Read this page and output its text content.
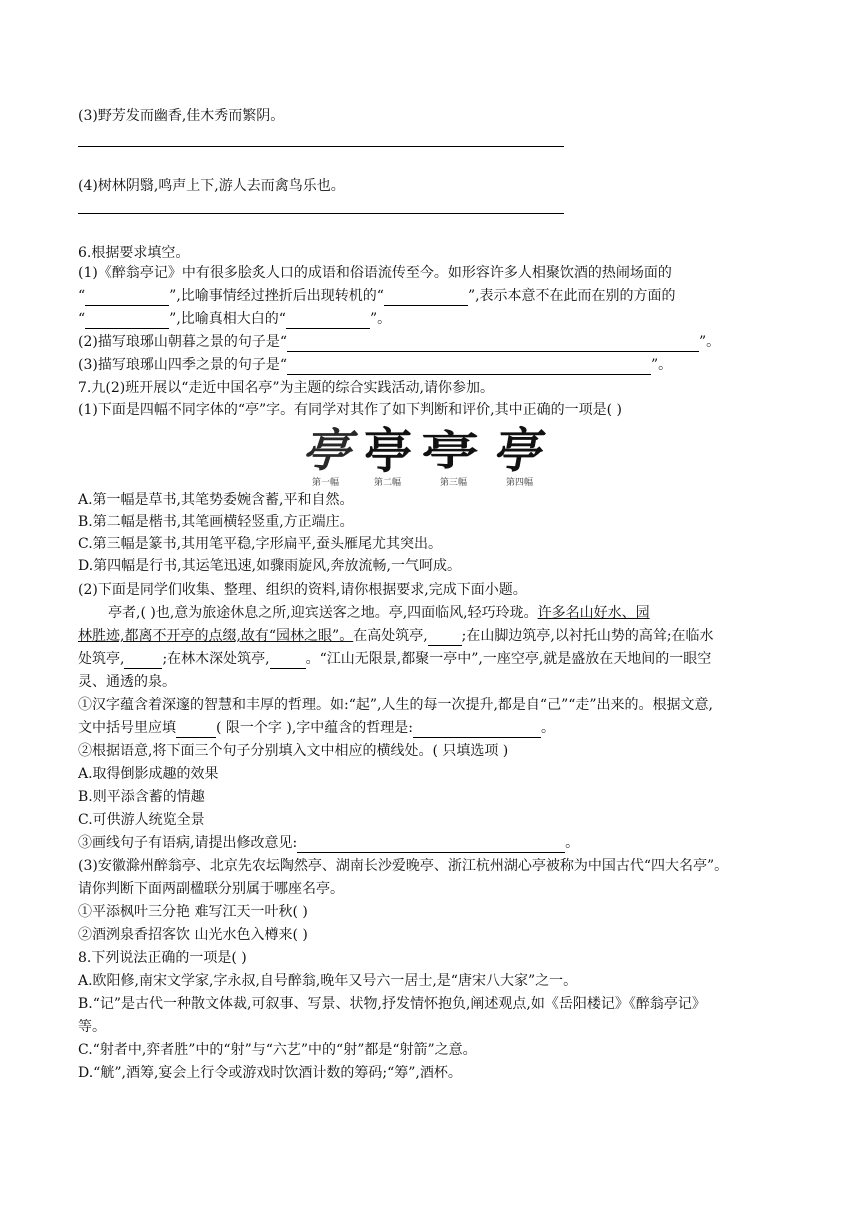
(3)野芳发而幽香,佳木秀而繁阴。
(4)树林阴翳,鸣声上下,游人去而禽鸟乐也。
6.根据要求填空。
(1)《醉翁亭记》中有很多脍炙人口的成语和俗语流传至今。如形容许多人相聚饮酒的热闹场面的
“	”,比喻事情经过挫折后出现转机的“	”,表示本意不在此而在别的方面的
“	”,比喻真相大白的“	”。
(2)描写琅琊山朝暮之景的句子是“	”。
(3)描写琅琊山四季之景的句子是“	”。
7.九(2)班开展以“走近中国名亭”为主题的综合实践活动,请你参加。
(1)下面是四幅不同字体的“亭”字。有同学对其作了如下判断和评价,其中正确的一项是( )
亭 亭 亭 亭
第一幅	第二幅	第三幅	第四幅
A.第一幅是草书,其笔势委婉含蓄,平和自然。
B.第二幅是楷书,其笔画横轻竖重,方正端庄。
C.第三幅是篆书,其用笔平稳,字形扁平,蚕头雁尾尤其突出。
D.第四幅是行书,其运笔迅速,如骤雨旋风,奔放流畅,一气呵成。
(2)下面是同学们收集、整理、组织的资料,请你根据要求,完成下面小题。
亭者,( )也,意为旅途休息之所,迎宾送客之地。亭,四面临风,轻巧玲珑。许多名山好水、园
林胜迹,都离不开亭的点缀,故有“园林之眼”。在高处筑亭, ;在山脚边筑亭,以衬托山势的高耸;在临水
处筑亭,	;在林木深处筑亭,	。“江山无限景,都聚一亭中”,一座空亭,就是盛放在天地间的一眼空
灵、通透的泉。
①汉字蕴含着深邃的智慧和丰厚的哲理。如:“起”,人生的每一次提升,都是自“己”“走”出来的。根据文意,
文中括号里应填	( 限一个字 ),字中蕴含的哲理是:	。
②根据语意,将下面三个句子分别填入文中相应的横线处。( 只填选项 )
A.取得倒影成趣的效果
B.则平添含蓄的情趣
C.可供游人统览全景
③画线句子有语病,请提出修改意见:	。
(3)安徽滁州醉翁亭、北京先农坛陶然亭、湖南长沙爱晚亭、浙江杭州湖心亭被称为中国古代“四大名亭”。
请你判断下面两副楹联分别属于哪座名亭。
①平添枫叶三分艳 难写江天一叶秋( )
②酒洌泉香招客饮 山光水色入樽来( )
8.下列说法正确的一项是( )
A.欧阳修,南宋文学家,字永叔,自号醉翁,晚年又号六一居士,是“唐宋八大家”之一。
B.“记”是古代一种散文体裁,可叙事、写景、状物,抒发情怀抱负,阐述观点,如《岳阳楼记》《醉翁亭记》
等。
C.“射者中,弈者胜”中的“射”与“六艺”中的“射”都是“射箭”之意。
D.“觥”,酒筹,宴会上行令或游戏时饮酒计数的筹码;“筹”,酒杯。
